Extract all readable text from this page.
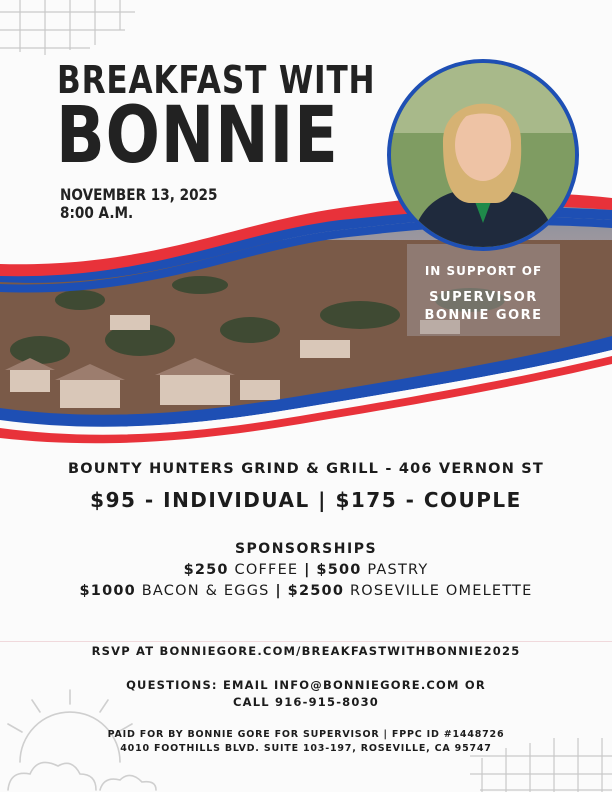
BREAKFAST WITH
BONNIE
NOVEMBER 13, 2025
8:00 A.M.
IN SUPPORT OF
SUPERVISOR
BONNIE GORE
BOUNTY HUNTERS GRIND & GRILL - 406 VERNON ST
$95 - INDIVIDUAL | $175 - COUPLE
SPONSORSHIPS
$250 COFFEE | $500 PASTRY
$1000 BACON & EGGS | $2500 ROSEVILLE OMELETTE
RSVP AT BONNIEGORE.COM/BREAKFASTWITHBONNIE2025
QUESTIONS: EMAIL INFO@BONNIEGORE.COM OR
CALL 916-915-8030
PAID FOR BY BONNIE GORE FOR SUPERVISOR | FPPC ID #1448726
4010 FOOTHILLS BLVD. SUITE 103-197, ROSEVILLE, CA 95747
